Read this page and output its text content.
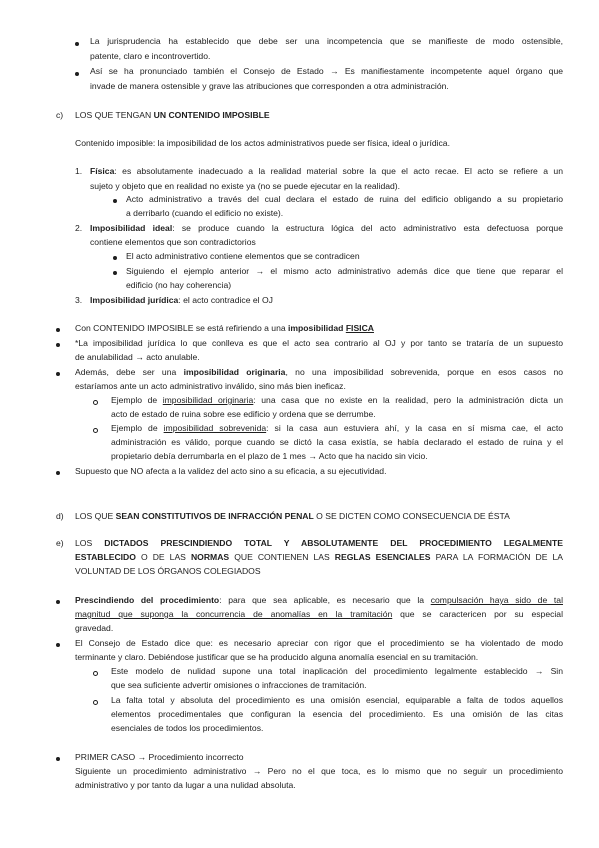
La jurisprudencia ha establecido que debe ser una incompetencia que se manifieste de modo ostensible,
patente, claro e incontrovertido.
Así se ha pronunciado también el Consejo de Estado → Es manifiestamente incompetente aquel órgano que
invade de manera ostensible y grave las atribuciones que corresponden a otra administración.
c) LOS QUE TENGAN UN CONTENIDO IMPOSIBLE
Contenido imposible: la imposibilidad de los actos administrativos puede ser física, ideal o jurídica.
1. Física: es absolutamente inadecuado a la realidad material sobre la que el acto recae. El acto se refiere a un
sujeto y objeto que en realidad no existe ya (no se puede ejecutar en la realidad).
Acto administrativo a través del cual declara el estado de ruina del edificio obligando a su propietario
a derribarlo (cuando el edificio no existe).
2. Imposibilidad ideal: se produce cuando la estructura lógica del acto administrativo esta defectuosa porque
contiene elementos que son contradictorios
El acto administrativo contiene elementos que se contradicen
Siguiendo el ejemplo anterior → el mismo acto administrativo además dice que tiene que reparar el
edificio (no hay coherencia)
3. Imposibilidad jurídica: el acto contradice el OJ
Con CONTENIDO IMPOSIBLE se está refiriendo a una imposibilidad FISICA
*La imposibilidad jurídica lo que conlleva es que el acto sea contrario al OJ y por tanto se trataría de un supuesto
de anulabilidad → acto anulable.
Además, debe ser una imposibilidad originaria, no una imposibilidad sobrevenida, porque en esos casos no
estaríamos ante un acto administrativo inválido, sino más bien ineficaz.
Ejemplo de imposibilidad originaria: una casa que no existe en la realidad, pero la administración dicta un
acto de estado de ruina sobre ese edificio y ordena que se derrumbe.
Ejemplo de imposibilidad sobrevenida: si la casa aun estuviera ahí, y la casa en sí misma cae, el acto
administración es válido, porque cuando se dictó la casa existía, se había declarado el estado de ruina y el
propietario debía derrumbarla en el plazo de 1 mes → Acto que ha nacido sin vicio.
Supuesto que NO afecta a la validez del acto sino a su eficacia, a su ejecutividad.
d) LOS QUE SEAN CONSTITUTIVOS DE INFRACCIÓN PENAL O SE DICTEN COMO CONSECUENCIA DE ÉSTA
e) LOS DICTADOS PRESCINDIENDO TOTAL Y ABSOLUTAMENTE DEL PROCEDIMIENTO LEGALMENTE
ESTABLECIDO O DE LAS NORMAS QUE CONTIENEN LAS REGLAS ESENCIALES PARA LA FORMACIÓN DE LA
VOLUNTAD DE LOS ÓRGANOS COLEGIADOS
Prescindiendo del procedimiento: para que sea aplicable, es necesario que la compulsación haya sido de tal
magnitud que suponga la concurrencia de anomalías en la tramitación que se caractericen por su especial
gravedad.
El Consejo de Estado dice que: es necesario apreciar con rigor que el procedimiento se ha violentado de modo
terminante y claro. Debiéndose justificar que se ha producido alguna anomalía esencial en su tramitación.
Este modelo de nulidad supone una total inaplicación del procedimiento legalmente establecido → Sin
que sea suficiente advertir omisiones o infracciones de tramitación.
La falta total y absoluta del procedimiento es una omisión esencial, equiparable a falta de todos aquellos
elementos procedimentales que configuran la esencia del procedimiento. Es una omisión de las citas
esenciales de todos los procedimientos.
PRIMER CASO → Procedimiento incorrecto
Siguiente un procedimiento administrativo → Pero no el que toca, es lo mismo que no seguir un procedimiento
administrativo y por tanto da lugar a una nulidad absoluta.
